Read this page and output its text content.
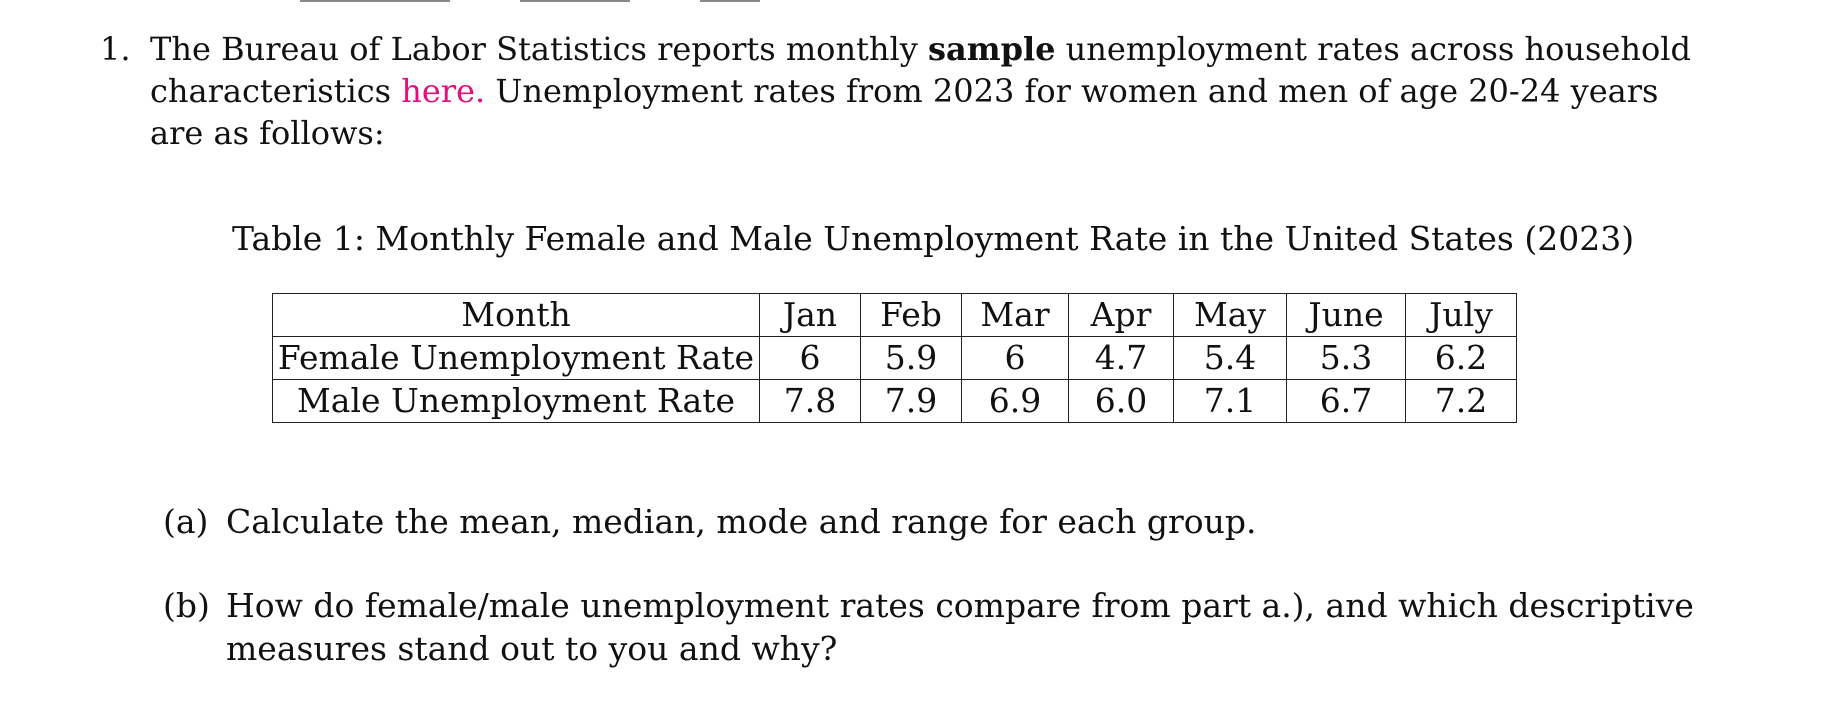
1. The Bureau of Labor Statistics reports monthly sample unemployment rates across household characteristics here. Unemployment rates from 2023 for women and men of age 20-24 years are as follows:
Table 1: Monthly Female and Male Unemployment Rate in the United States (2023)
Month	Jan	Feb	Mar	Apr	May	June	July
Female Unemployment Rate	6	5.9	6	4.7	5.4	5.3	6.2
Male Unemployment Rate	7.8	7.9	6.9	6.0	7.1	6.7	7.2
(a) Calculate the mean, median, mode and range for each group.
(b) How do female/male unemployment rates compare from part a.), and which descriptive measures stand out to you and why?
